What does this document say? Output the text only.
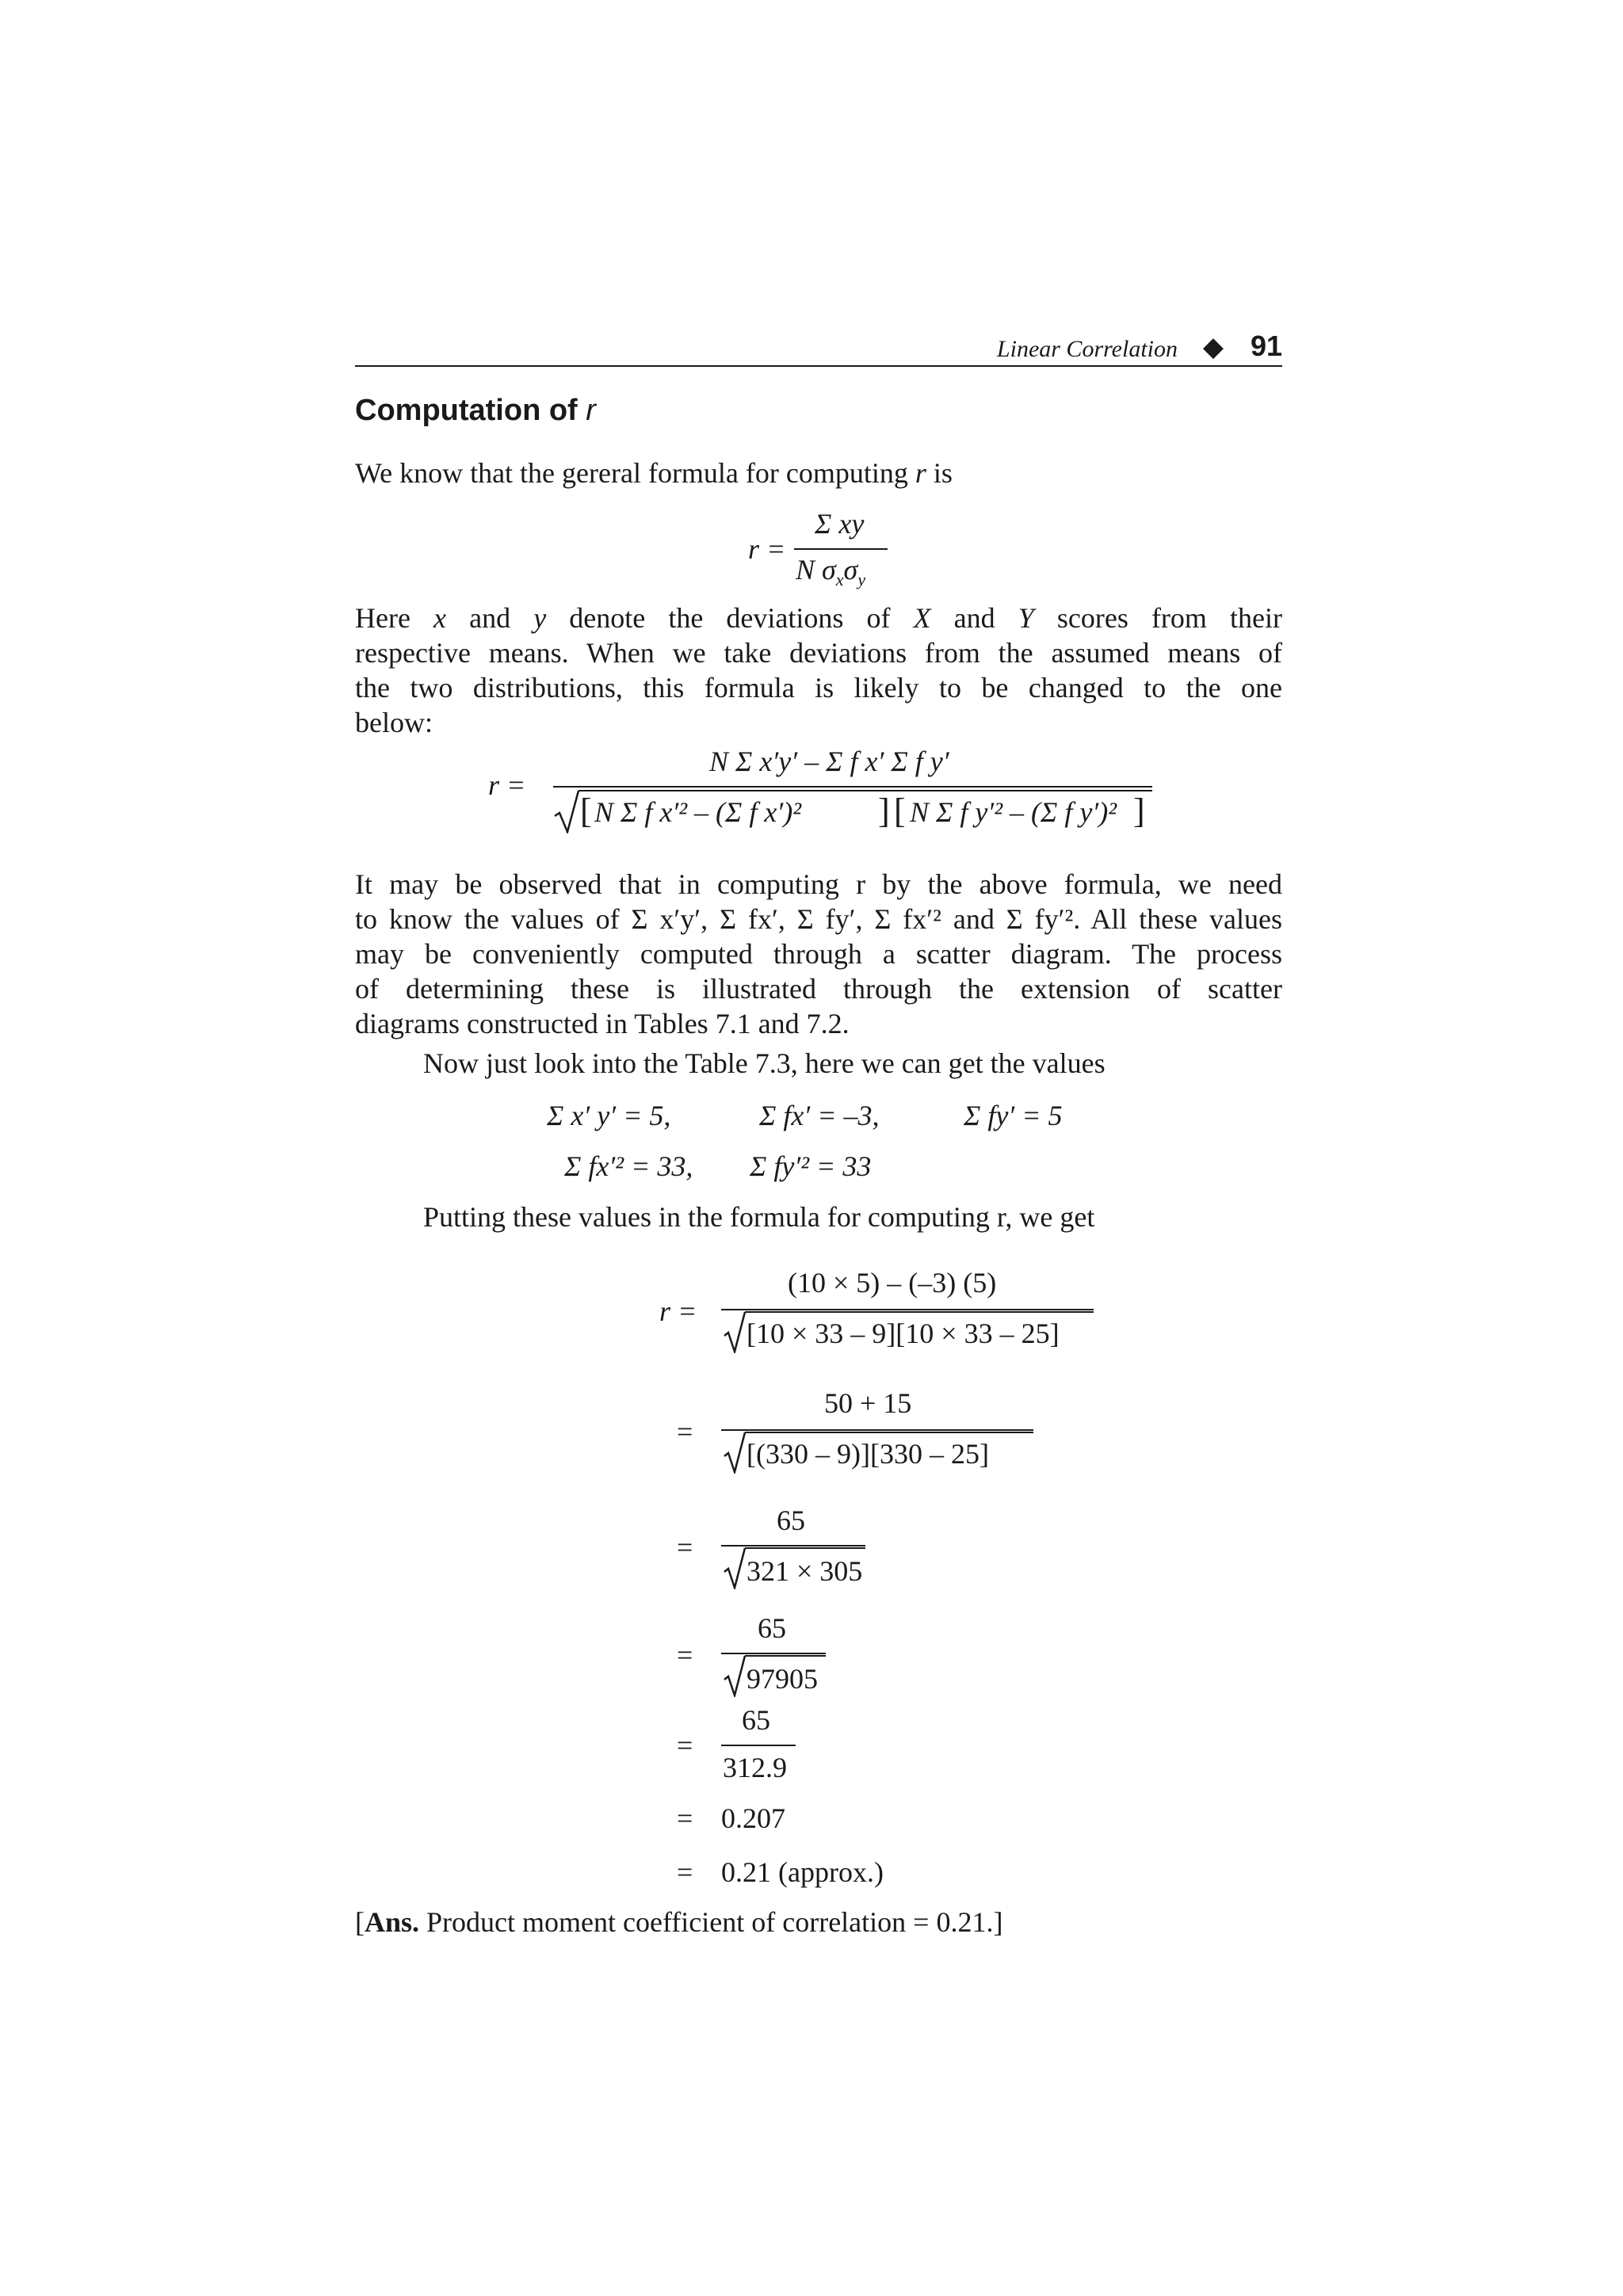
Linear Correlation ◆ 91
Computation of r
We know that the gereral formula for computing r is
r =
Σ xy
N $\sigma_x\sigma_y$
Here x and y denote the deviations of X and Y scores from their
respective means. When we take deviations from the assumed means of
the two distributions, this formula is likely to be changed to the one
below:
r =
N Σ x′y′ – Σ f x′ Σ f y′
[ N Σ f x′² – (Σ f x′)² ] [ N Σ f y′² – (Σ f y′)² ]
It may be observed that in computing r by the above formula, we need
to know the values of Σ x′y′, Σ fx′, Σ fy′, Σ fx′² and Σ fy′². All these values
may be conveniently computed through a scatter diagram. The process
of determining these is illustrated through the extension of scatter
diagrams constructed in Tables 7.1 and 7.2.
Now just look into the Table 7.3, here we can get the values
Σ x′ y′ = 5,	Σ fx′ = –3,	Σ fy′ = 5
Σ fx′² = 33, Σ fy′² = 33
Putting these values in the formula for computing r, we get
r =
(10 × 5) – (–3) (5)
[10 × 33 – 9][10 × 33 – 25]
=
50 + 15
[(330 – 9)][330 – 25]
=
65
321 × 305
=
65
97905
=
65
312.9
= 0.207
= 0.21 (approx.)
[Ans. Product moment coefficient of correlation = 0.21.]
